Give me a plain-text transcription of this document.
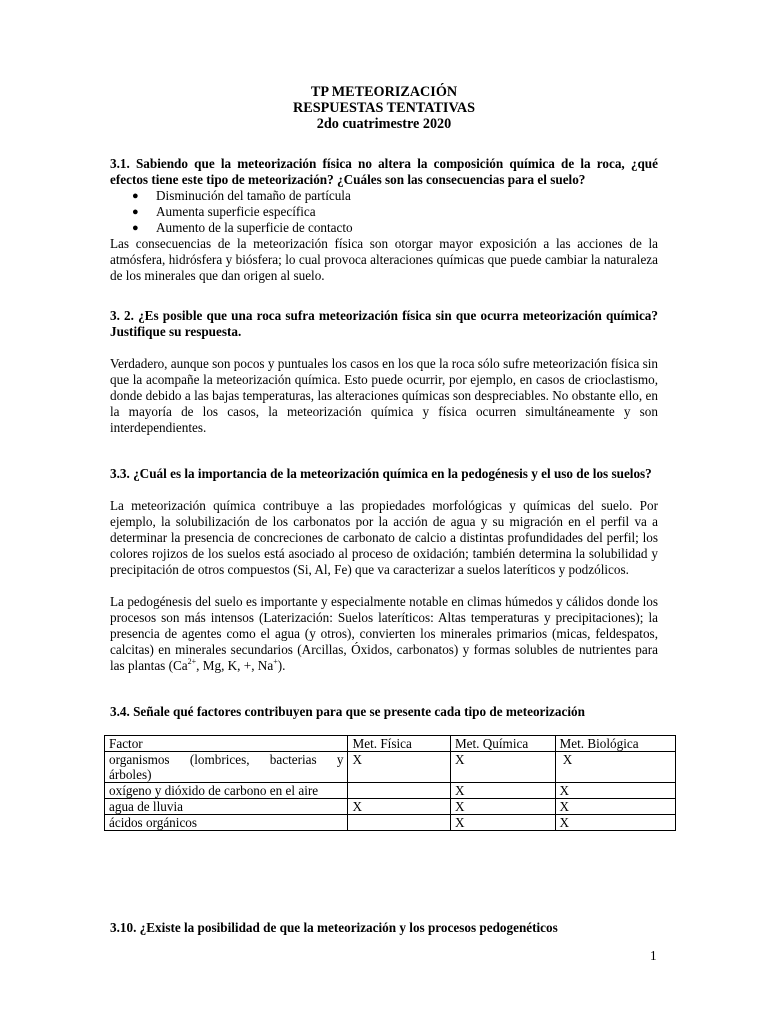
TP METEORIZACIÓN
RESPUESTAS TENTATIVAS
2do cuatrimestre 2020
3.1. Sabiendo que la meteorización física no altera la composición química de la roca, ¿qué efectos tiene este tipo de meteorización? ¿Cuáles son las consecuencias para el suelo?
● Disminución del tamaño de partícula
● Aumenta superficie específica
● Aumento de la superficie de contacto

Las consecuencias de la meteorización física son otorgar mayor exposición a las acciones de la atmósfera, hidrósfera y biósfera; lo cual provoca alteraciones químicas que puede cambiar la naturaleza de los minerales que dan origen al suelo.

3. 2. ¿Es posible que una roca sufra meteorización física sin que ocurra meteorización química? Justifique su respuesta.

Verdadero, aunque son pocos y puntuales los casos en los que la roca sólo sufre meteorización física sin que la acompañe la meteorización química. Esto puede ocurrir, por ejemplo, en casos de crioclastismo, donde debido a las bajas temperaturas, las alteraciones químicas son despreciables. No obstante ello, en la mayoría de los casos, la meteorización química y física ocurren simultáneamente y son interdependientes.

3.3. ¿Cuál es la importancia de la meteorización química en la pedogénesis y el uso de los suelos?

La meteorización química contribuye a las propiedades morfológicas y químicas del suelo. Por ejemplo, la solubilización de los carbonatos por la acción de agua y su migración en el perfil va a determinar la presencia de concreciones de carbonato de calcio a distintas profundidades del perfil; los colores rojizos de los suelos está asociado al proceso de oxidación; también determina la solubilidad y precipitación de otros compuestos (Si, Al, Fe) que va caracterizar a suelos lateríticos y podzólicos.

La pedogénesis del suelo es importante y especialmente notable en climas húmedos y cálidos donde los procesos son más intensos (Laterización: Suelos lateríticos: Altas temperaturas y precipitaciones); la presencia de agentes como el agua (y otros), convierten los minerales primarios (micas, feldespatos, calcitas) en minerales secundarios (Arcillas, Óxidos, carbonatos) y formas solubles de nutrientes para las plantas ($Ca^{2+}$, Mg, K, +, Na+).

3.4. Señale qué factores contribuyen para que se presente cada tipo de meteorización
Factor	Met. Física	Met. Química	Met. Biológica

organismos (lombrices, bacterias y
árboles)	X	X	X
oxígeno y dióxido de carbono en el aire		X	X
agua de lluvia	X	X	X
ácidos orgánicos		X	X
3.10. ¿Existe la posibilidad de que la meteorización y los procesos pedogenéticos
1
